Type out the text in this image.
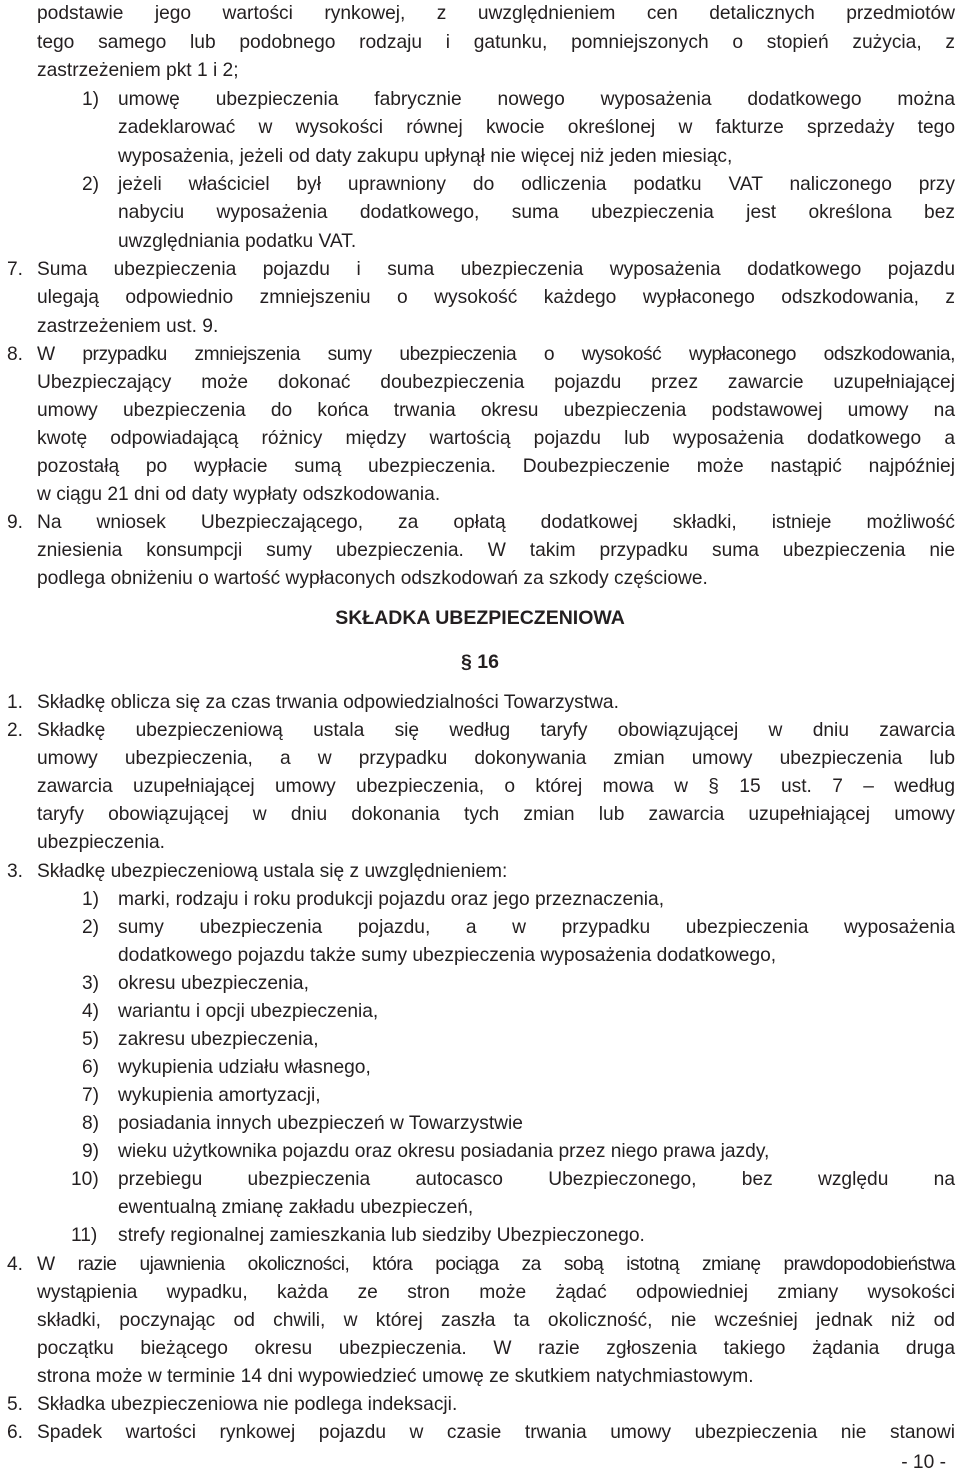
podstawie jego wartości rynkowej, z uwzględnieniem cen detalicznych przedmiotów
tego samego lub podobnego rodzaju i gatunku, pomniejszonych o stopień zużycia, z
zastrzeżeniem pkt 1 i 2;
1) umowę ubezpieczenia fabrycznie nowego wyposażenia dodatkowego można
zadeklarować w wysokości równej kwocie określonej w fakturze sprzedaży tego
wyposażenia, jeżeli od daty zakupu upłynął nie więcej niż jeden miesiąc,
2) jeżeli właściciel był uprawniony do odliczenia podatku VAT naliczonego przy
nabyciu wyposażenia dodatkowego, suma ubezpieczenia jest określona bez
uwzględniania podatku VAT.
7. Suma ubezpieczenia pojazdu i suma ubezpieczenia wyposażenia dodatkowego pojazdu
ulegają odpowiednio zmniejszeniu o wysokość każdego wypłaconego odszkodowania, z
zastrzeżeniem ust. 9.
8. W przypadku zmniejszenia sumy ubezpieczenia o wysokość wypłaconego odszkodowania,
Ubezpieczający może dokonać doubezpieczenia pojazdu przez zawarcie uzupełniającej
umowy ubezpieczenia do końca trwania okresu ubezpieczenia podstawowej umowy na
kwotę odpowiadającą różnicy między wartością pojazdu lub wyposażenia dodatkowego a
pozostałą po wypłacie sumą ubezpieczenia. Doubezpieczenie może nastąpić najpóźniej
w ciągu 21 dni od daty wypłaty odszkodowania.
9. Na wniosek Ubezpieczającego, za opłatą dodatkowej składki, istnieje możliwość
zniesienia konsumpcji sumy ubezpieczenia. W takim przypadku suma ubezpieczenia nie
podlega obniżeniu o wartość wypłaconych odszkodowań za szkody częściowe.
SKŁADKA UBEZPIECZENIOWA
§ 16
1. Składkę oblicza się za czas trwania odpowiedzialności Towarzystwa.
2. Składkę ubezpieczeniową ustala się według taryfy obowiązującej w dniu zawarcia
umowy ubezpieczenia, a w przypadku dokonywania zmian umowy ubezpieczenia lub
zawarcia uzupełniającej umowy ubezpieczenia, o której mowa w § 15 ust. 7 – według
taryfy obowiązującej w dniu dokonania tych zmian lub zawarcia uzupełniającej umowy
ubezpieczenia.
3. Składkę ubezpieczeniową ustala się z uwzględnieniem:
1) marki, rodzaju i roku produkcji pojazdu oraz jego przeznaczenia,
2) sumy ubezpieczenia pojazdu, a w przypadku ubezpieczenia wyposażenia
dodatkowego pojazdu także sumy ubezpieczenia wyposażenia dodatkowego,
3) okresu ubezpieczenia,
4) wariantu i opcji ubezpieczenia,
5) zakresu ubezpieczenia,
6) wykupienia udziału własnego,
7) wykupienia amortyzacji,
8) posiadania innych ubezpieczeń w Towarzystwie
9) wieku użytkownika pojazdu oraz okresu posiadania przez niego prawa jazdy,
10) przebiegu ubezpieczenia autocasco Ubezpieczonego, bez względu na
ewentualną zmianę zakładu ubezpieczeń,
11) strefy regionalnej zamieszkania lub siedziby Ubezpieczonego.
4. W razie ujawnienia okoliczności, która pociąga za sobą istotną zmianę prawdopodobieństwa
wystąpienia wypadku, każda ze stron może żądać odpowiedniej zmiany wysokości
składki, poczynając od chwili, w której zaszła ta okoliczność, nie wcześniej jednak niż od
początku bieżącego okresu ubezpieczenia. W razie zgłoszenia takiego żądania druga
strona może w terminie 14 dni wypowiedzieć umowę ze skutkiem natychmiastowym.
5. Składka ubezpieczeniowa nie podlega indeksacji.
6. Spadek wartości rynkowej pojazdu w czasie trwania umowy ubezpieczenia nie stanowi
- 10 -
